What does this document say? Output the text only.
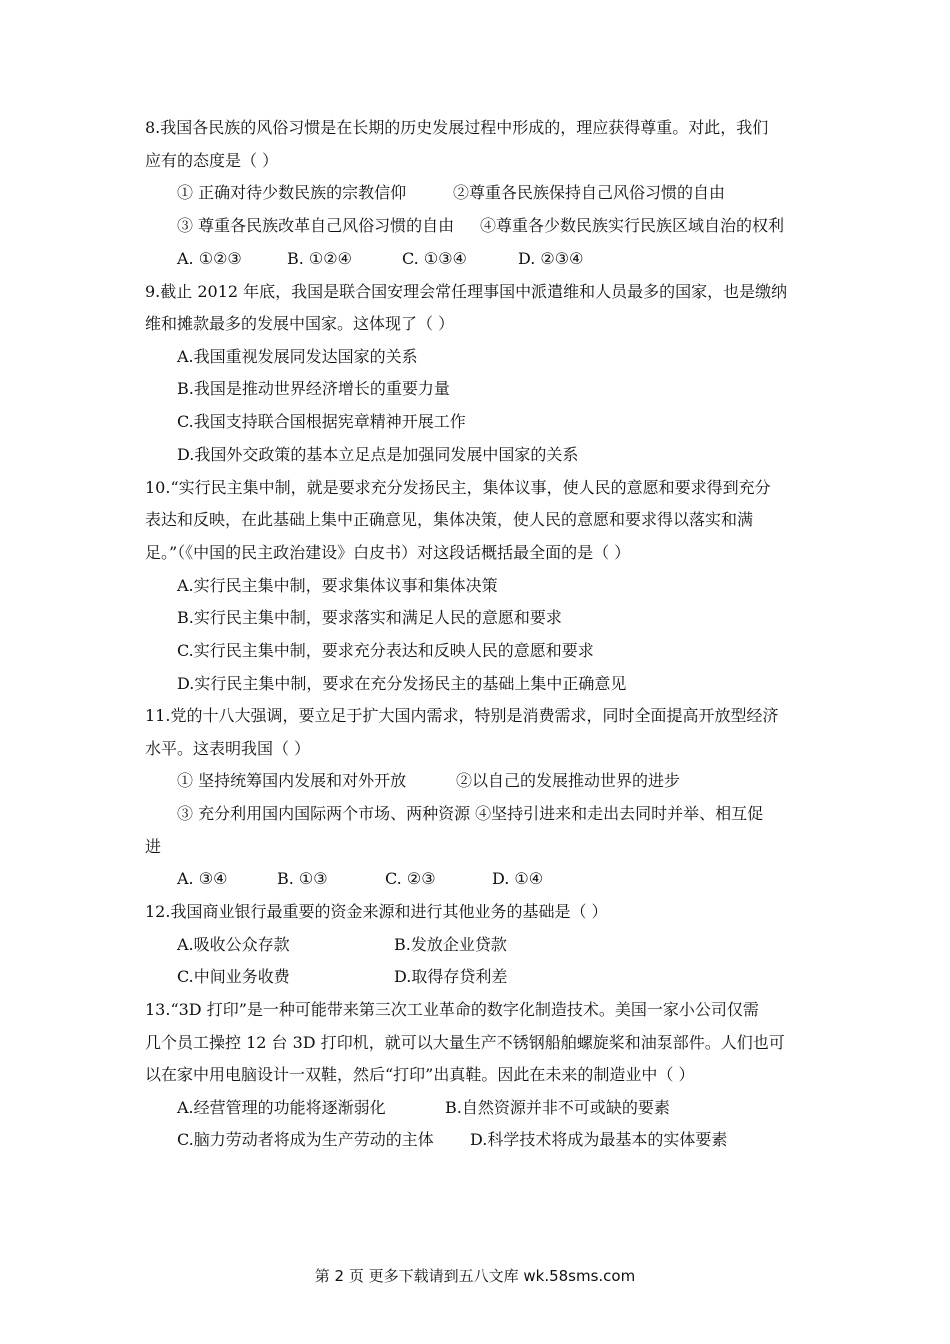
8.我国各民族的风俗习惯是在长期的历史发展过程中形成的，理应获得尊重。对此，我们
应有的态度是（ ）
① 正确对待少数民族的宗教信仰	②尊重各民族保持自己风俗习惯的自由
③ 尊重各民族改革自己风俗习惯的自由 ④尊重各少数民族实行民族区域自治的权利
A. ①②③	B. ①②④	C. ①③④	D. ②③④
9.截止 2012 年底，我国是联合国安理会常任理事国中派遣维和人员最多的国家，也是缴纳
维和摊款最多的发展中国家。这体现了（ ）
A.我国重视发展同发达国家的关系
B.我国是推动世界经济增长的重要力量
C.我国支持联合国根据宪章精神开展工作
D.我国外交政策的基本立足点是加强同发展中国家的关系
10.“实行民主集中制，就是要求充分发扬民主，集体议事，使人民的意愿和要求得到充分
表达和反映，在此基础上集中正确意见，集体决策，使人民的意愿和要求得以落实和满
足。”（《中国的民主政治建设》白皮书）对这段话概括最全面的是（ ）
A.实行民主集中制，要求集体议事和集体决策
B.实行民主集中制，要求落实和满足人民的意愿和要求
C.实行民主集中制，要求充分表达和反映人民的意愿和要求
D.实行民主集中制，要求在充分发扬民主的基础上集中正确意见
11.党的十八大强调，要立足于扩大国内需求，特别是消费需求，同时全面提高开放型经济
水平。这表明我国（ ）
① 坚持统筹国内发展和对外开放	②以自己的发展推动世界的进步
③ 充分利用国内国际两个市场、两种资源 ④坚持引进来和走出去同时并举、相互促
进
A. ③④	B. ①③	C. ②③	D. ①④
12.我国商业银行最重要的资金来源和进行其他业务的基础是（ ）
A.吸收公众存款	B.发放企业贷款
C.中间业务收费	D.取得存贷利差
13.“3D 打印”是一种可能带来第三次工业革命的数字化制造技术。美国一家小公司仅需
几个员工操控 12 台 3D 打印机，就可以大量生产不锈钢船舶螺旋桨和油泵部件。人们也可
以在家中用电脑设计一双鞋，然后“打印”出真鞋。因此在未来的制造业中（ ）
A.经营管理的功能将逐渐弱化	B.自然资源并非不可或缺的要素
C.脑力劳动者将成为生产劳动的主体 D.科学技术将成为最基本的实体要素
第 2 页 更多下载请到五八文库 wk.58sms.com
